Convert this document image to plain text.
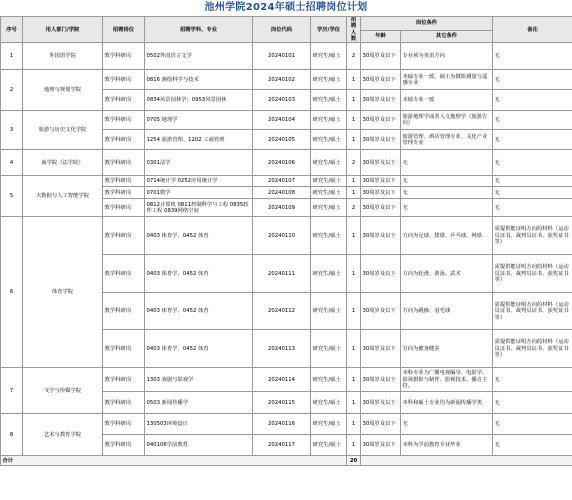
池州学院2024年硕士招聘岗位计划
序号	用人部门/学院	招聘岗位	招聘学科、专业	岗位代码	学历/学位	招聘人数	岗位条件		备注
							年龄	其它条件	
1	外国语学院	教学科研岗	0502外国语言文学	20240101	研究生/硕士	2	30周岁及以下	专业须为英语方向	无
2	地理与规划学院	教学科研岗	0816 测绘科学与技术	20240102	研究生/硕士	1	30周岁及以下	本硕专业一致，硕士为摄影测量与遥感专业	无
		教学科研岗	0834风景园林学；0953风景园林	20240103	研究生/硕士	1	30周岁及以下	本硕专业一致	无
3	旅游与历史文化学院	教学科研岗	0705 地理学	20240104	研究生/硕士	1	30周岁及以下	旅游地理学或者人文地理学（旅游方向）	无
		教学科研岗	1254 旅游管理、1202 工商管理	20240105	研究生/硕士	1	30周岁及以下	旅游管理、酒店管理专业、文化产业管理专业	无
4	商学院（法学院）	教学科研岗	0301法学	20240106	研究生/硕士	2	30周岁及以下	无	无
5	大数据与人工智能学院	教学科研岗	0714统计学 0252应用统计学	20240107	研究生/硕士	1	30周岁及以下	无	无
		教学科研岗	0701数学	20240108	研究生/硕士	1	30周岁及以下	无	无
		教学科研岗	0812计算机 0811控制科学与工程 0835软件工程 0839网络空间	20240109	研究生/硕士	2	30周岁及以下	无	无
6	体育学院	教学科研岗	0403 体育学、0452 体育	20240110	研究生/硕士	1	30周岁及以下	方向为足球、排球、乒乓球、网球	需提供能证明方向的材料（运动员证书、裁判员证书、获奖证书等）
		教学科研岗	0403 体育学、0452 体育	20240111	研究生/硕士	1	30周岁及以下	方向为轮滑、游泳、武术	需提供能证明方向的材料（运动员证书、裁判员证书、获奖证书等）
		教学科研岗	0403 体育学、0452 体育	20240112	研究生/硕士	1	30周岁及以下	方向为跳操、羽毛球	需提供能证明方向的材料（运动员证书、裁判员证书、获奖证书等）
		教学科研岗	0403 体育学、0452 体育	20240113	研究生/硕士	1	30周岁及以下	方向为健身健美	需提供能证明方向的材料（运动员证书、裁判员证书、获奖证书等）
7	文学与传媒学院	教学科研岗	1303 戏剧与影视学	20240114	研究生/硕士	1	30周岁及以下	本科专业为广播电视编导、电影学、影视摄影与制作、影视技术、播音主持。	无
		教学科研岗	0503 新闻传播学	20240115	研究生/硕士	1	30周岁及以下	本科和硕士专业均为新闻传播学类	无
8	艺术与教育学院	教学科研岗	130503环境设计	20240116	研究生/硕士	1	30周岁及以下	无	无
		教学科研岗	040106学前教育	20240117	研究生/硕士	1	30周岁及以下	本科为学前教育专业毕业	无
合计						20			
